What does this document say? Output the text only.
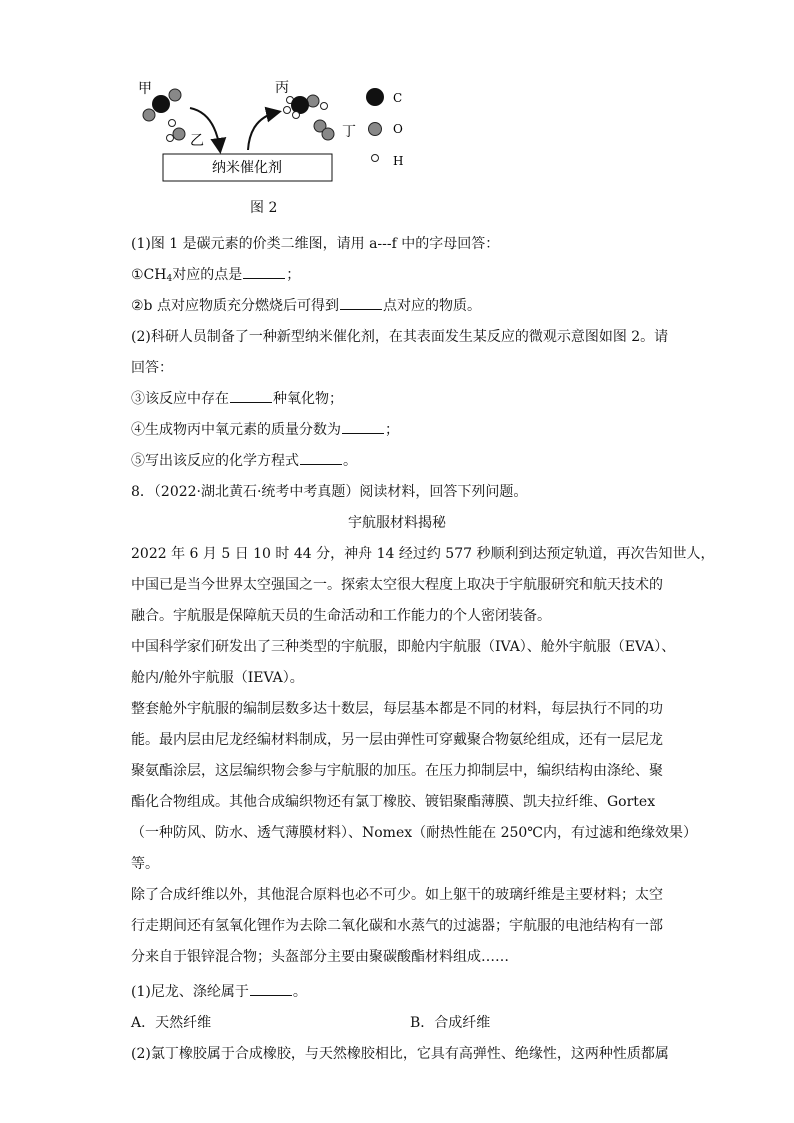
甲
乙
丙
丁
纳米催化剂
C
O
H
图 2
(1)图 1 是碳元素的价类二维图，请用 a---f 中的字母回答：
$①CH_4$对应的点是	；
②b 点对应物质充分燃烧后可得到	点对应的物质。
(2)科研人员制备了一种新型纳米催化剂，在其表面发生某反应的微观示意图如图 2。请
回答：
③该反应中存在	种氧化物；
④生成物丙中氧元素的质量分数为	；
⑤写出该反应的化学方程式	。
8．（2022·湖北黄石·统考中考真题）阅读材料，回答下列问题。
宇航服材料揭秘
2022 年 6 月 5 日 10 时 44 分，神舟 14 经过约 577 秒顺利到达预定轨道，再次告知世人，
中国已是当今世界太空强国之一。探索太空很大程度上取决于宇航服研究和航天技术的
融合。宇航服是保障航天员的生命活动和工作能力的个人密闭装备。
中国科学家们研发出了三种类型的宇航服，即舱内宇航服（IVA）、舱外宇航服（EVA）、
舱内/舱外宇航服（IEVA）。
整套舱外宇航服的编制层数多达十数层，每层基本都是不同的材料，每层执行不同的功
能。最内层由尼龙经编材料制成，另一层由弹性可穿戴聚合物氨纶组成，还有一层尼龙
聚氨酯涂层，这层编织物会参与宇航服的加压。在压力抑制层中，编织结构由涤纶、聚
酯化合物组成。其他合成编织物还有氯丁橡胶、镀铝聚酯薄膜、凯夫拉纤维、Gortex
（一种防风、防水、透气薄膜材料）、Nomex（耐热性能在 250℃内，有过滤和绝缘效果）
等。
除了合成纤维以外，其他混合原料也必不可少。如上躯干的玻璃纤维是主要材料；太空
行走期间还有氢氧化锂作为去除二氧化碳和水蒸气的过滤器；宇航服的电池结构有一部
分来自于银锌混合物；头盔部分主要由聚碳酸酯材料组成……
(1)尼龙、涤纶属于	。
A．天然纤维	B．合成纤维
(2)氯丁橡胶属于合成橡胶，与天然橡胶相比，它具有高弹性、绝缘性，这两种性质都属
